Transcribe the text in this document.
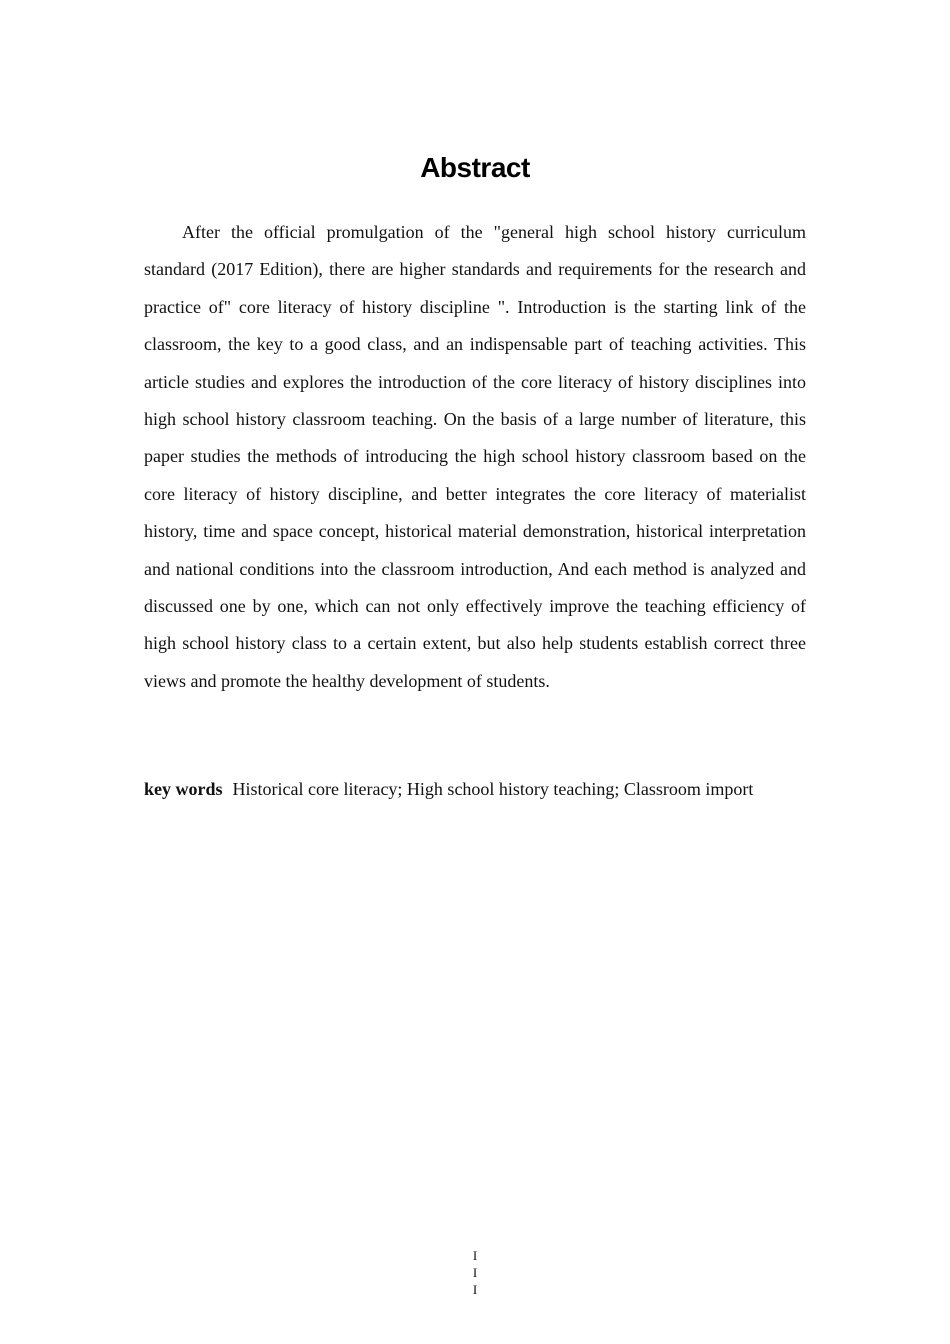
Abstract

After the official promulgation of the "general high school history curriculum standard (2017 Edition), there are higher standards and requirements for the research and practice of" core literacy of history discipline ". Introduction is the starting link of the classroom, the key to a good class, and an indispensable part of teaching activities. This article studies and explores the introduction of the core literacy of history disciplines into high school history classroom teaching. On the basis of a large number of literature, this paper studies the methods of introducing the high school history classroom based on the core literacy of history discipline, and better integrates the core literacy of materialist history, time and space concept, historical material demonstration, historical interpretation and national conditions into the classroom introduction, And each method is analyzed and discussed one by one, which can not only effectively improve the teaching efficiency of high school history class to a certain extent, but also help students establish correct three views and promote the healthy development of students.

key words Historical core literacy; High school history teaching; Classroom import
I
I
I
